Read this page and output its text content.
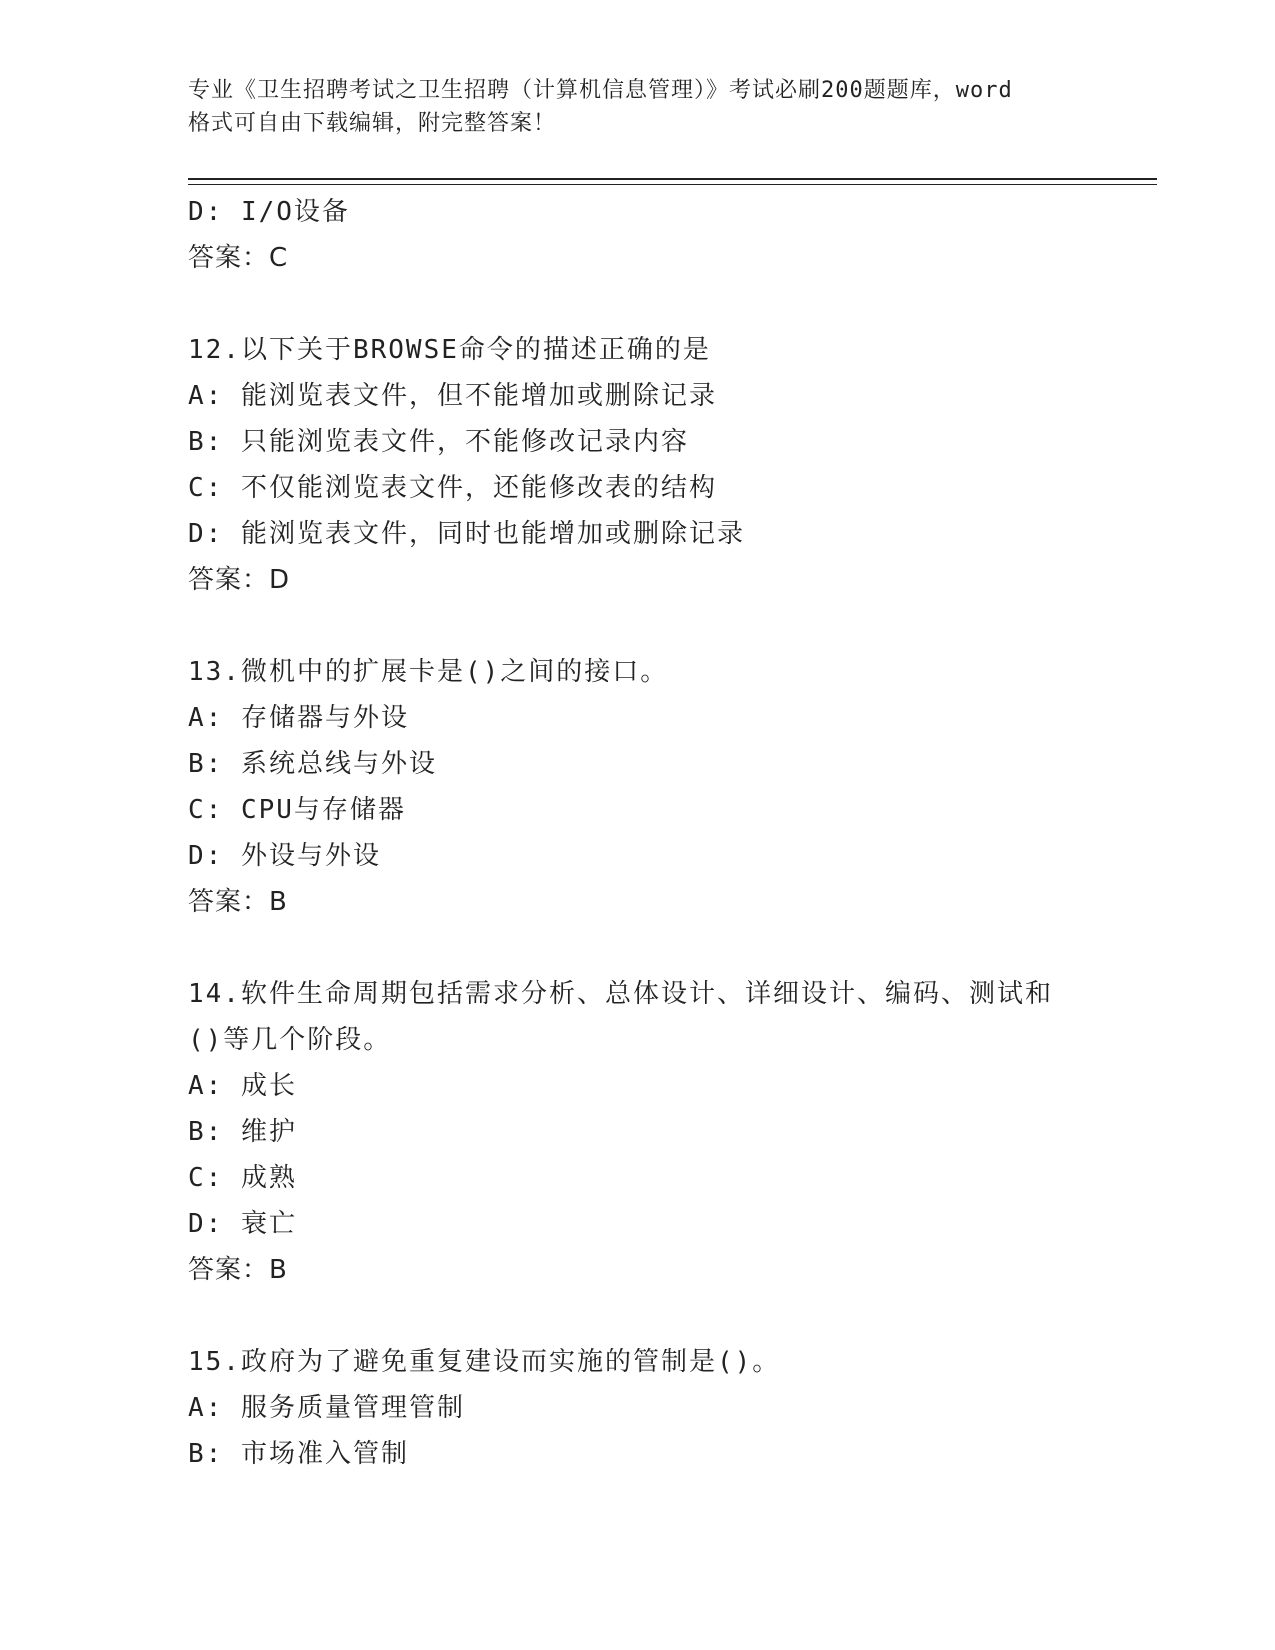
专业《卫生招聘考试之卫生招聘（计算机信息管理）》考试必刷200题题库，word
格式可自由下载编辑，附完整答案！
D: I/O设备
答案：C
12.以下关于BROWSE命令的描述正确的是
A: 能浏览表文件，但不能增加或删除记录
B: 只能浏览表文件，不能修改记录内容
C: 不仅能浏览表文件，还能修改表的结构
D: 能浏览表文件，同时也能增加或删除记录
答案：D
13.微机中的扩展卡是()之间的接口。
A: 存储器与外设
B: 系统总线与外设
C: CPU与存储器
D: 外设与外设
答案：B
14.软件生命周期包括需求分析、总体设计、详细设计、编码、测试和
()等几个阶段。
A: 成长
B: 维护
C: 成熟
D: 衰亡
答案：B
15.政府为了避免重复建设而实施的管制是()。
A: 服务质量管理管制
B: 市场准入管制
